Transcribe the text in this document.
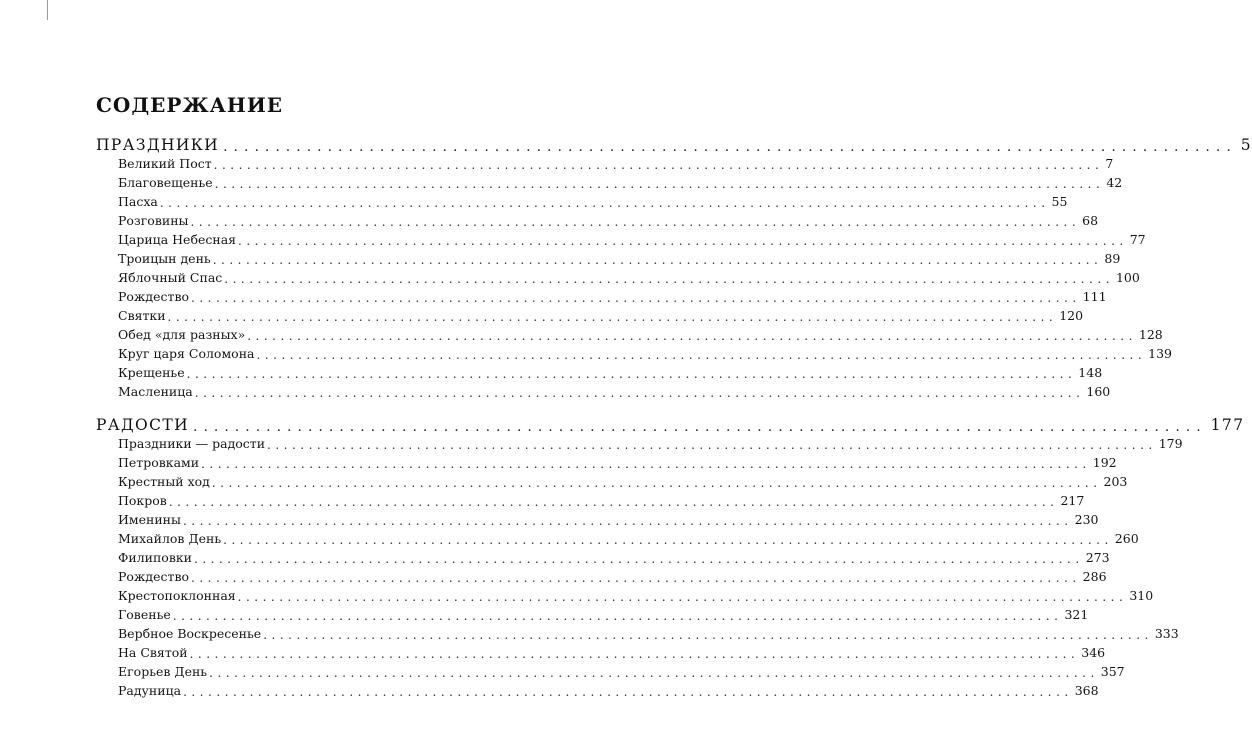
СОДЕРЖАНИЕ
ПРАЗДНИКИ ................................................................................................. 5
Великий Пост ........................................................................................................... 7
Благовещенье ........................................................................................................... 42
Пасха ........................................................................................................... 55
Розговины ........................................................................................................... 68
Царица Небесная ........................................................................................................... 77
Троицын день ........................................................................................................... 89
Яблочный Спас ........................................................................................................... 100
Рождество ........................................................................................................... 111
Святки ........................................................................................................... 120
Обед «для разных» ........................................................................................................... 128
Круг царя Соломона ........................................................................................................... 139
Крещенье ........................................................................................................... 148
Масленица ........................................................................................................... 160
РАДОСТИ ................................................................................................. 177
Праздники — радости ........................................................................................................... 179
Петровками ........................................................................................................... 192
Крестный ход ........................................................................................................... 203
Покров ........................................................................................................... 217
Именины ........................................................................................................... 230
Михайлов День ........................................................................................................... 260
Филиповки ........................................................................................................... 273
Рождество ........................................................................................................... 286
Крестопоклонная ........................................................................................................... 310
Говенье ........................................................................................................... 321
Вербное Воскресенье ........................................................................................................... 333
На Святой ........................................................................................................... 346
Егорьев День ........................................................................................................... 357
Радуница ........................................................................................................... 368
